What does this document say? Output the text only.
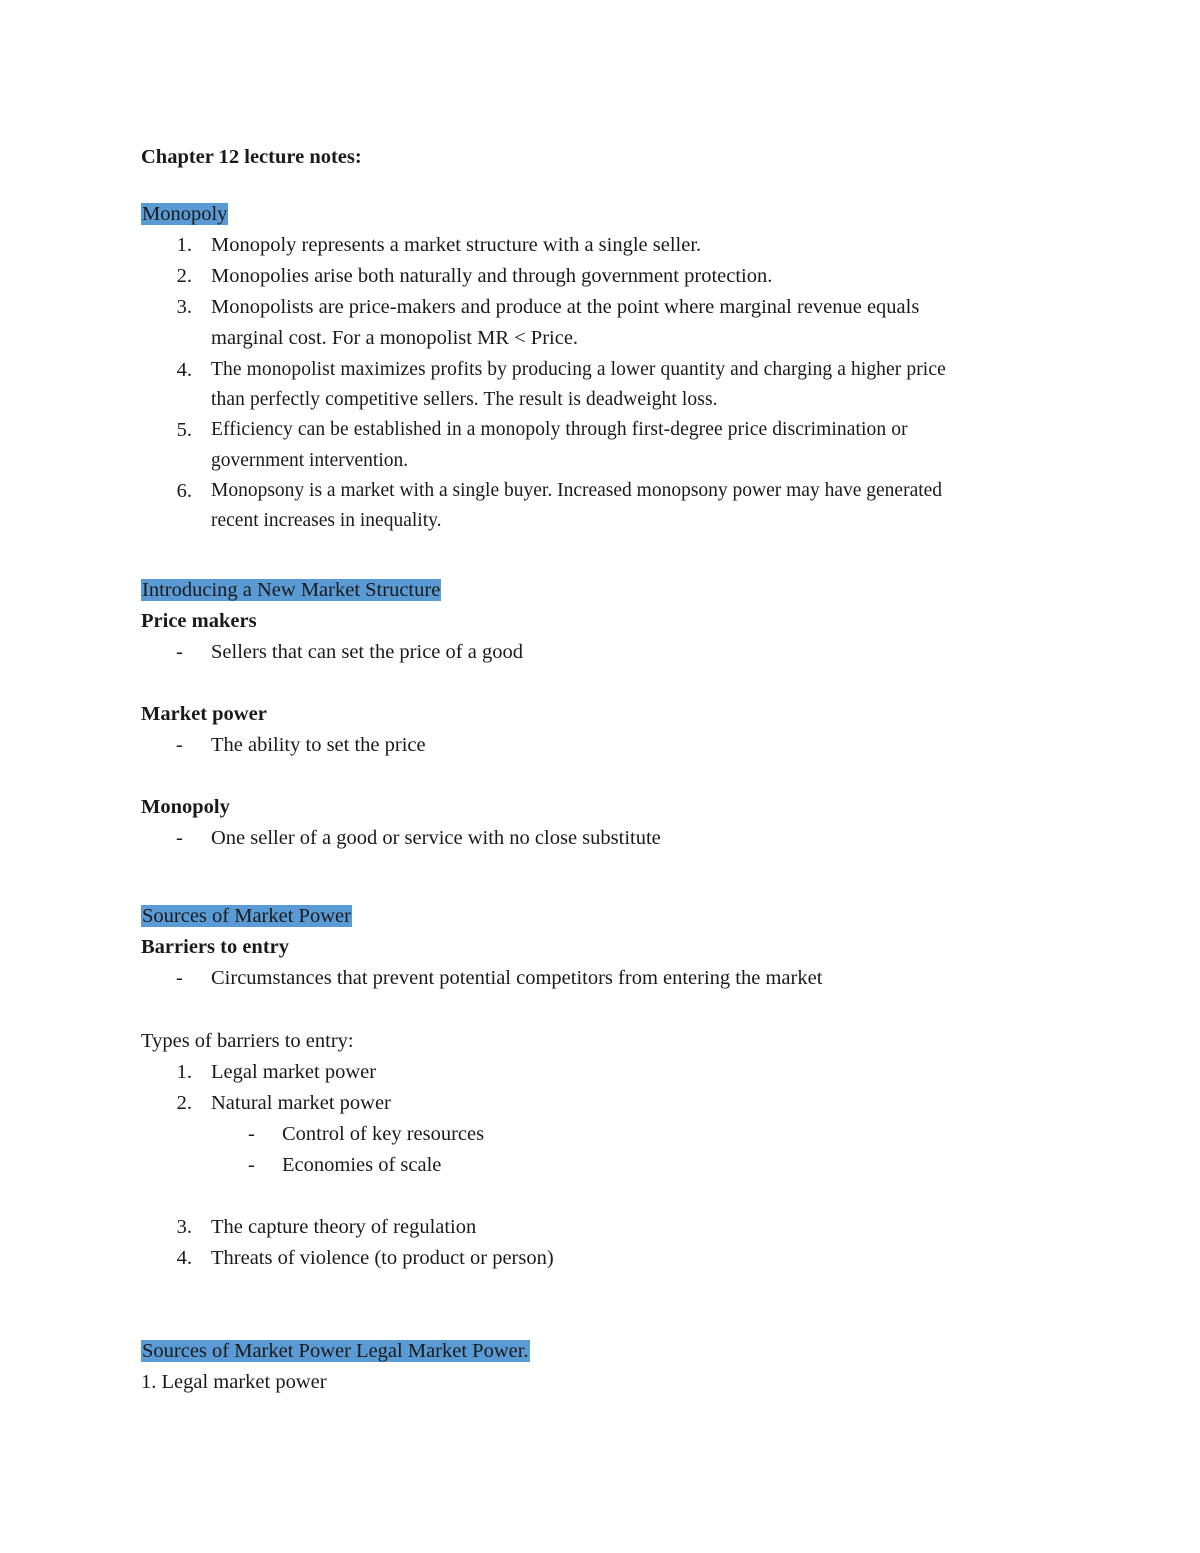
Chapter 12 lecture notes:
Monopoly
1. Monopoly represents a market structure with a single seller.
2. Monopolies arise both naturally and through government protection.
3. Monopolists are price-makers and produce at the point where marginal revenue equals
marginal cost. For a monopolist MR < Price.
4. The monopolist maximizes profits by producing a lower quantity and charging a higher price
than perfectly competitive sellers. The result is deadweight loss.
5. Efficiency can be established in a monopoly through first-degree price discrimination or
government intervention.
6. Monopsony is a market with a single buyer. Increased monopsony power may have generated
recent increases in inequality.
Introducing a New Market Structure
Price makers
- Sellers that can set the price of a good
Market power
- The ability to set the price
Monopoly
- One seller of a good or service with no close substitute
Sources of Market Power
Barriers to entry
- Circumstances that prevent potential competitors from entering the market
Types of barriers to entry:
1. Legal market power
2. Natural market power
- Control of key resources
- Economies of scale
3. The capture theory of regulation
4. Threats of violence (to product or person)
Sources of Market Power Legal Market Power.
1. Legal market power
